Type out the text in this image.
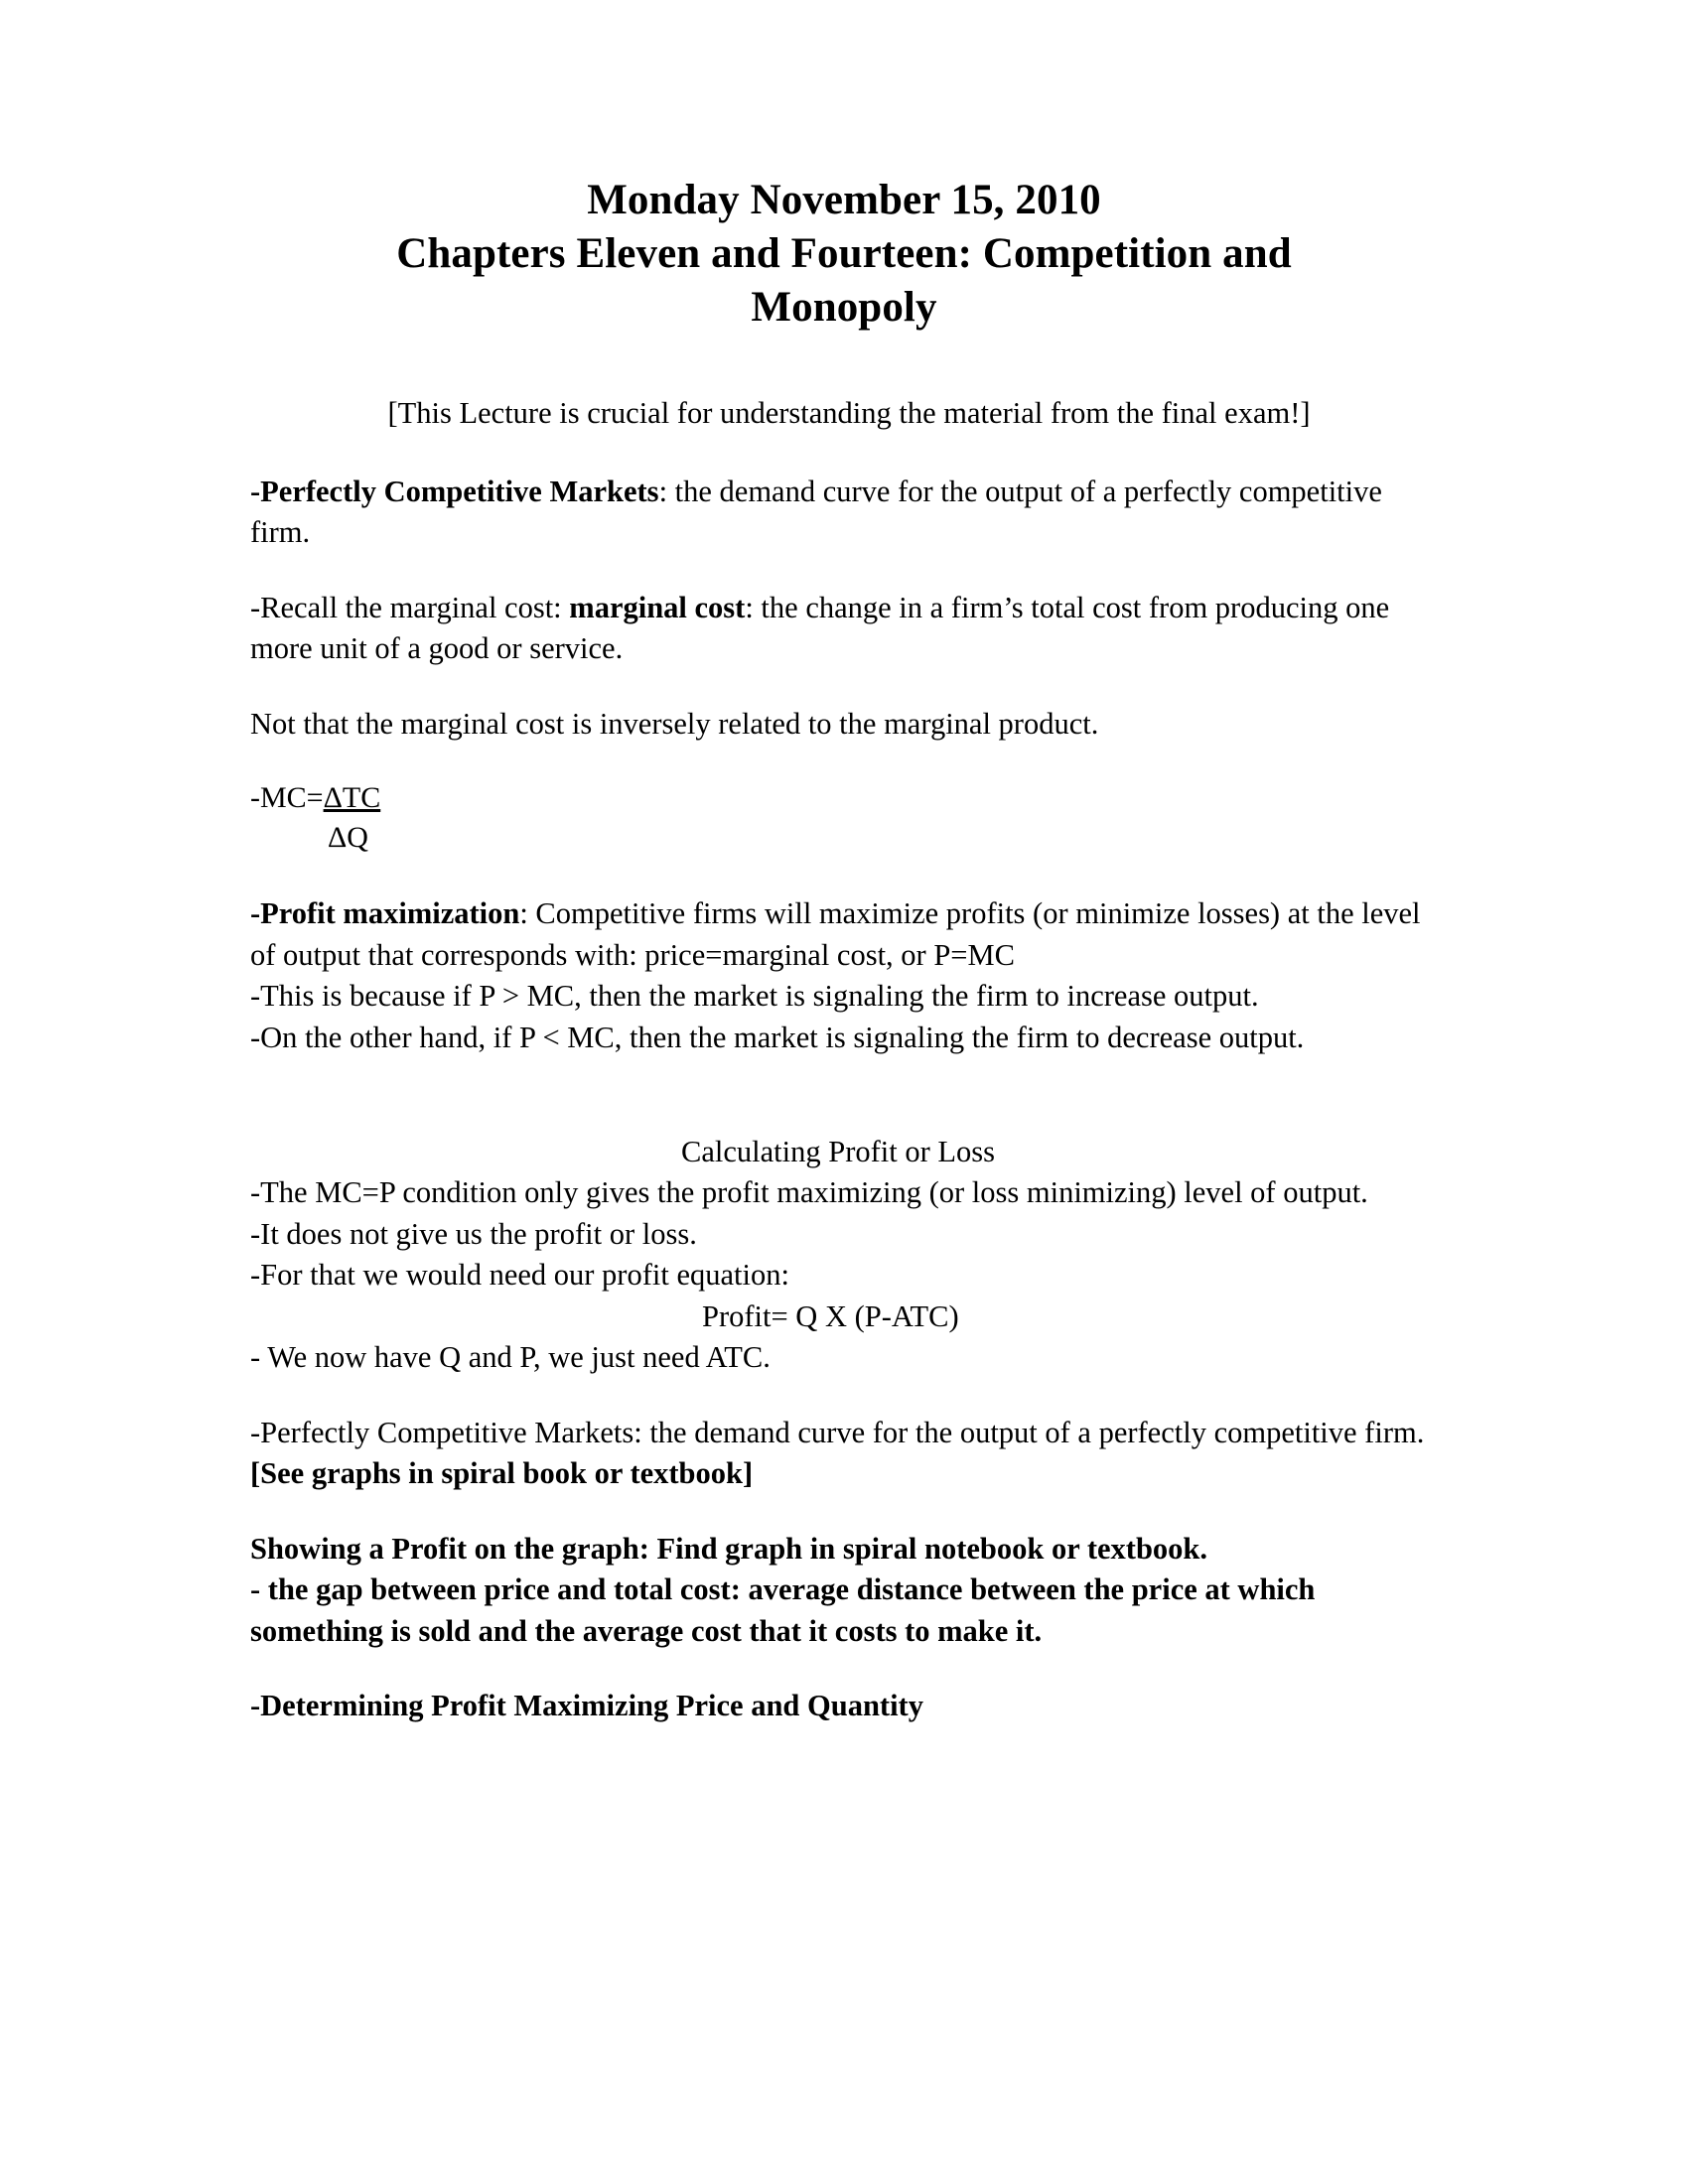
Monday November 15, 2010
Chapters Eleven and Fourteen: Competition and
Monopoly

[This Lecture is crucial for understanding the material from the final exam!]

-Perfectly Competitive Markets: the demand curve for the output of a perfectly competitive firm.

-Recall the marginal cost: marginal cost: the change in a firm’s total cost from producing one more unit of a good or service.

Not that the marginal cost is inversely related to the marginal product.

-MC=ΔTC
ΔQ

-Profit maximization: Competitive firms will maximize profits (or minimize losses) at the level of output that corresponds with: price=marginal cost, or P=MC
-This is because if P > MC, then the market is signaling the firm to increase output.
-On the other hand, if P < MC, then the market is signaling the firm to decrease output.

Calculating Profit or Loss
-The MC=P condition only gives the profit maximizing (or loss minimizing) level of output.
-It does not give us the profit or loss.
-For that we would need our profit equation:
Profit= Q X (P-ATC)
- We now have Q and P, we just need ATC.

-Perfectly Competitive Markets: the demand curve for the output of a perfectly competitive firm. [See graphs in spiral book or textbook]

Showing a Profit on the graph: Find graph in spiral notebook or textbook.
- the gap between price and total cost: average distance between the price at which something is sold and the average cost that it costs to make it.

-Determining Profit Maximizing Price and Quantity
